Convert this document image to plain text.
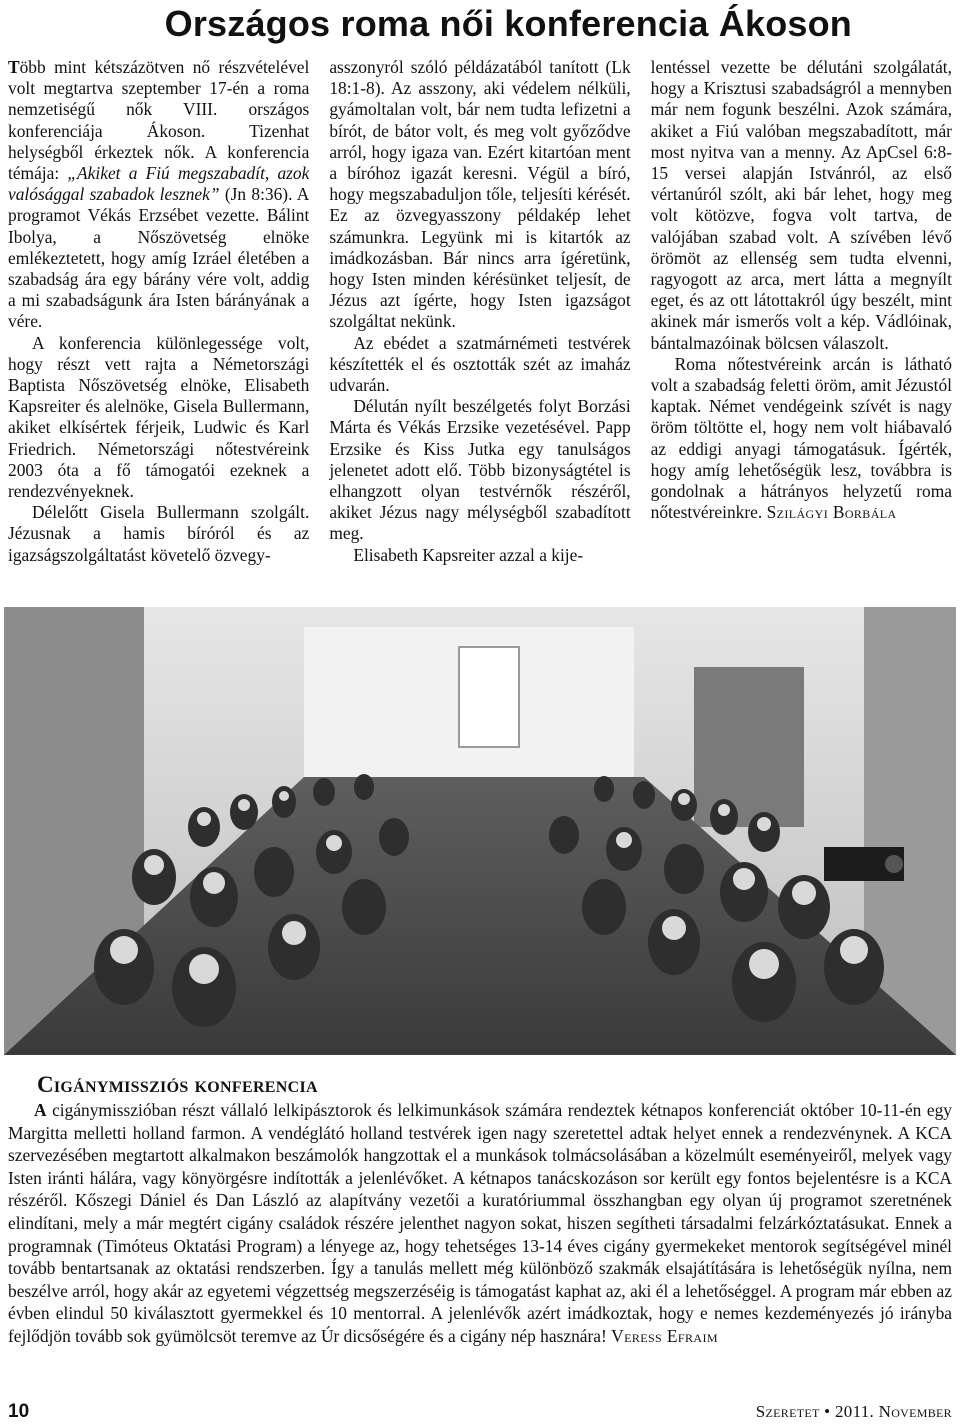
Országos roma női konferencia Ákoson

Több mint kétszázötven nő részvételével volt megtartva szeptember 17-én a roma nemzetiségű nők VIII. országos konferenciája Ákoson. Tizenhat helységből érkeztek nők. A konferencia témája: „Akiket a Fiú megszabadít, azok valósággal szabadok lesznek” (Jn 8:36). A programot Vékás Erzsébet vezette. Bálint Ibolya, a Nőszövetség elnöke emlékeztetett, hogy amíg Izráel életében a szabadság ára egy bárány vére volt, addig a mi szabadságunk ára Isten bárányának a vére.

A konferencia különlegessége volt, hogy részt vett rajta a Németországi Baptista Nőszövetség elnöke, Elisabeth Kapsreiter és alelnöke, Gisela Bullermann, akiket elkísértek férjeik, Ludwic és Karl Friedrich. Németországi nőtestvéreink 2003 óta a fő támogatói ezeknek a rendezvényeknek.

Délelőtt Gisela Bullermann szolgált. Jézusnak a hamis bíróról és az igazságszolgáltatást követelő özvegy-

asszonyról szóló példázatából tanított (Lk 18:1-8). Az asszony, aki védelem nélküli, gyámoltalan volt, bár nem tudta lefizetni a bírót, de bátor volt, és meg volt győződve arról, hogy igaza van. Ezért kitartóan ment a bíróhoz igazát keresni. Végül a bíró, hogy megszabaduljon tőle, teljesíti kérését. Ez az özvegyasszony példakép lehet számunkra. Legyünk mi is kitartók az imádkozásban. Bár nincs arra ígéretünk, hogy Isten minden kérésünket teljesít, de Jézus azt ígérte, hogy Isten igazságot szolgáltat nekünk.

Az ebédet a szatmárnémeti testvérek készítették el és osztották szét az imaház udvarán.

Délután nyílt beszélgetés folyt Borzási Márta és Vékás Erzsike vezetésével. Papp Erzsike és Kiss Jutka egy tanulságos jelenetet adott elő. Több bizonyságtétel is elhangzott olyan testvérnők részéről, akiket Jézus nagy mélységből szabadított meg.

Elisabeth Kapsreiter azzal a kije-

lentéssel vezette be délutáni szolgálatát, hogy a Krisztusi szabadságról a mennyben már nem fogunk beszélni. Azok számára, akiket a Fiú valóban megszabadított, már most nyitva van a menny. Az ApCsel 6:8-15 versei alapján Istvánról, az első vértanúról szólt, aki bár lehet, hogy meg volt kötözve, fogva volt tartva, de valójában szabad volt. A szívében lévő örömöt az ellenség sem tudta elvenni, ragyogott az arca, mert látta a megnyílt eget, és az ott látottakról úgy beszélt, mint akinek már ismerős volt a kép. Vádlóinak, bántalmazóinak bölcsen válaszolt.

Roma nőtestvéreink arcán is látható volt a szabadság feletti öröm, amit Jézustól kaptak. Német vendégeink szívét is nagy öröm töltötte el, hogy nem volt hiábavaló az eddigi anyagi támogatásuk. Ígérték, hogy amíg lehetőségük lesz, továbbra is gondolnak a hátrányos helyzetű roma nőtestvéreinkre. Szilágyi Borbála

Cigánymissziós konferencia

A cigánymisszióban részt vállaló lelkipásztorok és lelkimunkások számára rendeztek kétnapos konferenciát október 10-11-én egy Margitta melletti holland farmon. A vendéglátó holland testvérek igen nagy szeretettel adtak helyet ennek a rendezvénynek. A KCA szervezésében megtartott alkalmakon beszámolók hangzottak el a munkások tolmácsolásában a közelmúlt eseményeiről, melyek vagy Isten iránti hálára, vagy könyörgésre indították a jelenlévőket. A kétnapos tanácskozáson sor került egy fontos bejelentésre is a KCA részéről. Kőszegi Dániel és Dan László az alapítvány vezetői a kuratóriummal összhangban egy olyan új programot szeretnének elindítani, mely a már megtért cigány családok részére jelenthet nagyon sokat, hiszen segítheti társadalmi felzárkóztatásukat. Ennek a programnak (Timóteus Oktatási Program) a lényege az, hogy tehetséges 13-14 éves cigány gyermekeket mentorok segítségével minél tovább bentartsanak az oktatási rendszerben. Így a tanulás mellett még különböző szakmák elsajátítására is lehetőségük nyílna, nem beszélve arról, hogy akár az egyetemi végzettség megszerzéséig is támogatást kaphat az, aki él a lehetőséggel. A program már ebben az évben elindul 50 kiválasztott gyermekkel és 10 mentorral. A jelenlévők azért imádkoztak, hogy e nemes kezdeményezés jó irányba fejlődjön tovább sok gyümölcsöt teremve az Úr dicsőségére és a cigány nép hasznára! Veress Efraim

10	Szeretet • 2011. November
